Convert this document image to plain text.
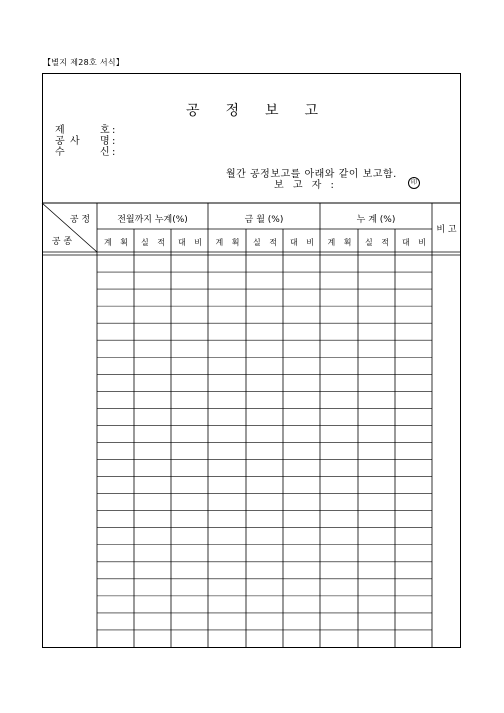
【별지 제28호 서식】
공정보고
제	호 :
공 사 명 :
수	신 :
월간 공정보고를 아래와 같이 보고함.
보 고 자 :	印
공 정
공 종
전월까지 누계(%)
계 획	실 적	대 비
금 월 (%)
계 획	실 적	대 비
누 계 (%)
계 획	실 적	대 비
비 고
